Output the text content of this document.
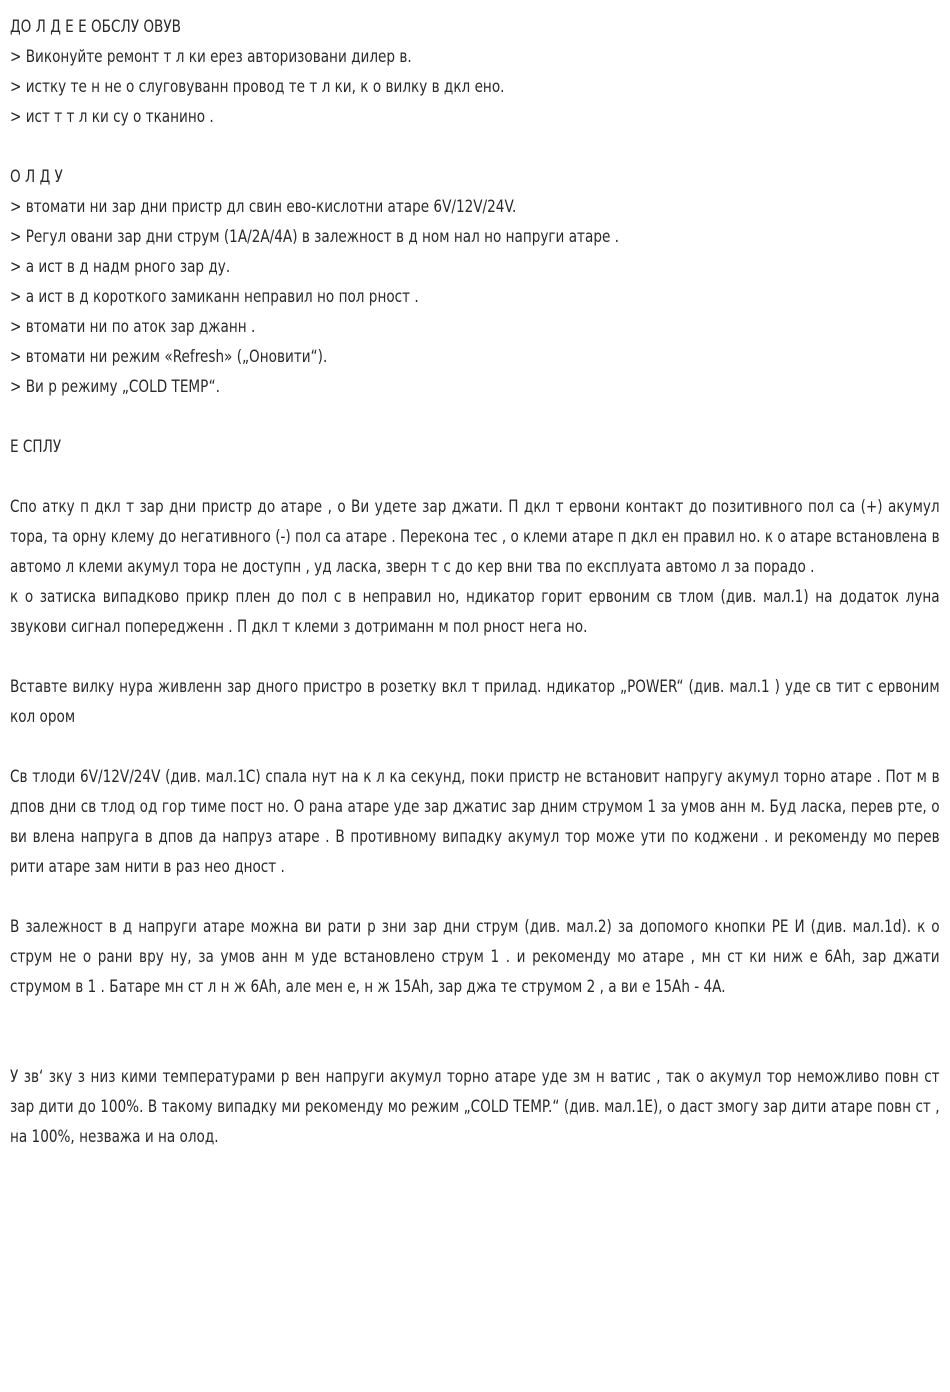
ДО Л Д Е Е ОБСЛУ ОВУВ
> Виконуйте ремонт т л ки ерез авторизовани дилер в.
> истку те н не о слуговуванн провод те т л ки, к о вилку в дкл ено.
> ист т т л ки су о тканино .
О Л Д У
> втомати ни зар дни пристр дл свин ево-кислотни атаре 6V/12V/24V.
> Регул овани зар дни струм (1A/2A/4A) в залежност в д ном нал но напруги атаре .
> а ист в д надм рного зар ду.
> а ист в д короткого замиканн неправил но пол рност .
> втомати ни по аток зар джанн .
> втомати ни режим «Refresh» („Оновити“).
> Ви р режиму „COLD TEMP“.
Е СПЛУ
Спо атку п дкл т зар дни пристр до атаре , о Ви удете зар джати. П дкл т ервони контакт до позитивного пол са (+) акумул тора, та орну клему до негативного (-) пол са атаре . Перекона тес , о клеми атаре п дкл ен правил но. к о атаре встановлена в автомо л клеми акумул тора не доступн , уд ласка, зверн т с до кер вни тва по експлуата автомо л за порадо .
к о затиска випадково прикр плен до пол с в неправил но, ндикатор горит ервоним св тлом (див. мал.1) на додаток луна звукови сигнал попередженн . П дкл т клеми з дотриманн м пол рност нега но.
Вставте вилку нура живленн зар дного пристро в розетку вкл т прилад. ндикатор „POWER“ (див. мал.1 ) уде св тит с ервоним кол ором
Св тлоди 6V/12V/24V (див. мал.1C) спала нут на к л ка секунд, поки пристр не встановит напругу акумул торно атаре . Пот м в дпов дни св тлод од гор тиме пост но. О рана атаре уде зар джатис зар дним струмом 1 за умов анн м. Буд ласка, перев рте, о ви влена напруга в дпов да напруз атаре . В противному випадку акумул тор може ути по коджени . и рекоменду мо перев рити атаре зам нити в раз нео дност .
В залежност в д напруги атаре можна ви рати р зни зар дни струм (див. мал.2) за допомого кнопки РЕ И (див. мал.1d). к о струм не о рани вру ну, за умов анн м уде встановлено струм 1 . и рекоменду мо атаре , мн ст ки ниж е 6Ah, зар джати струмом в 1 . Батаре мн ст л н ж 6Ah, але мен е, н ж 15Ah, зар джа те струмом 2 , а ви е 15Ah - 4A.
У зв‘ зку з низ кими температурами р вен напруги акумул торно атаре уде зм н ватис , так о акумул тор неможливо повн ст зар дити до 100%. В такому випадку ми рекоменду мо режим „COLD TEMP.“ (див. мал.1E), о даст змогу зар дити атаре повн ст , на 100%, незважа и на олод.
